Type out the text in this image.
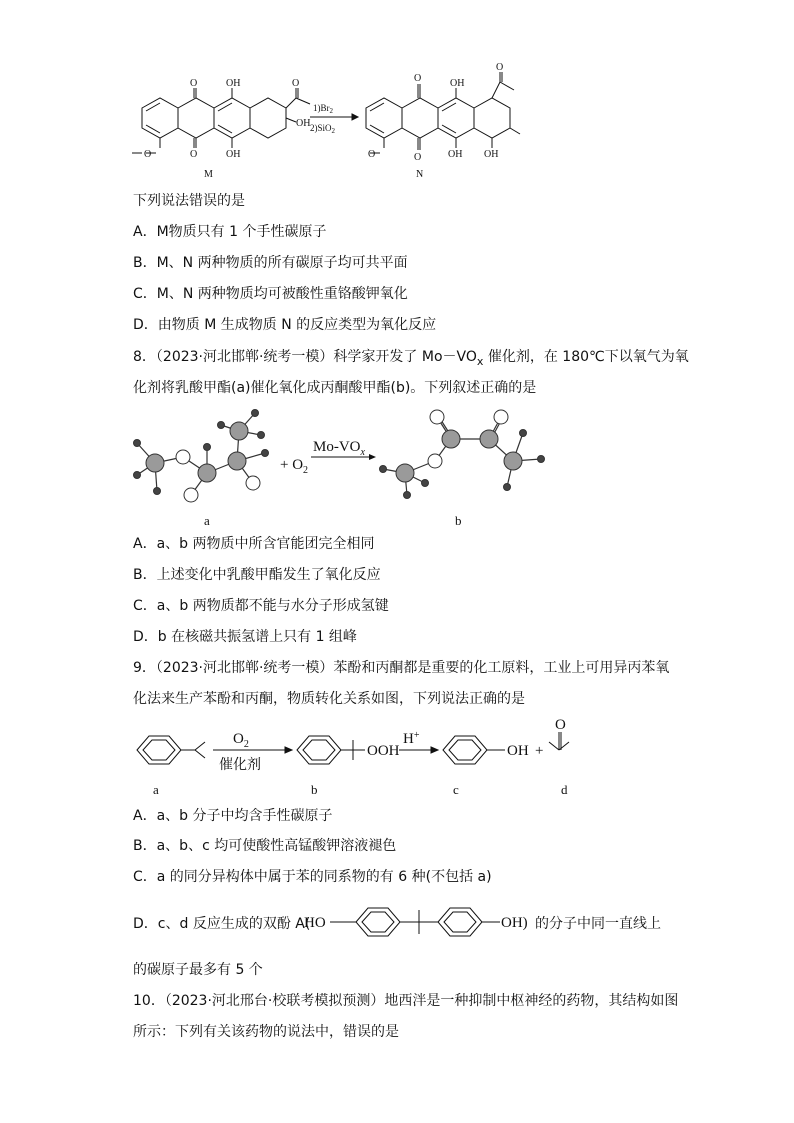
O	OH
O	OH
O
OH
O
M
$1)Br_2$
2)SiO$_2$
O	OH
O	OH OH
O
O
N
下列说法错误的是
A．M物质只有 1 个手性碳原子
B．M、N 两种物质的所有碳原子均可共平面
C．M、N 两种物质均可被酸性重铬酸钾氧化
D．由物质 M 生成物质 N 的反应类型为氧化反应
8．（2023·河北邯郸·统考一模）科学家开发了 $Mo-VO_x$ 催化剂，在 180℃下以氧气为氧
化剂将乳酸甲酯(a)催化氧化成丙酮酸甲酯(b)。下列叙述正确的是
+ $O_2$
$Mo-VO_x$
a	b
A．a、b 两物质中所含官能团完全相同
B．上述变化中乳酸甲酯发生了氧化反应
C．a、b 两物质都不能与水分子形成氢键
D．b 在核磁共振氢谱上只有 1 组峰
9．（2023·河北邯郸·统考一模）苯酚和丙酮都是重要的化工原料，工业上可用异丙苯氧
化法来生产苯酚和丙酮，物质转化关系如图，下列说法正确的是
$O_2$
催化剂
OOH
H+
OH +
O
a	b	c	d
A．a、b 分子中均含手性碳原子
B．a、b、c 均可使酸性高锰酸钾溶液褪色
C．a 的同分异构体中属于苯的同系物的有 6 种(不包括 a)
D．c、d 反应生成的双酚 A(
HO	OH) 的分子中同一直线上
的碳原子最多有 5 个
10．（2023·河北邢台·校联考模拟预测）地西泮是一种抑制中枢神经的药物，其结构如图
所示：下列有关该药物的说法中，错误的是
